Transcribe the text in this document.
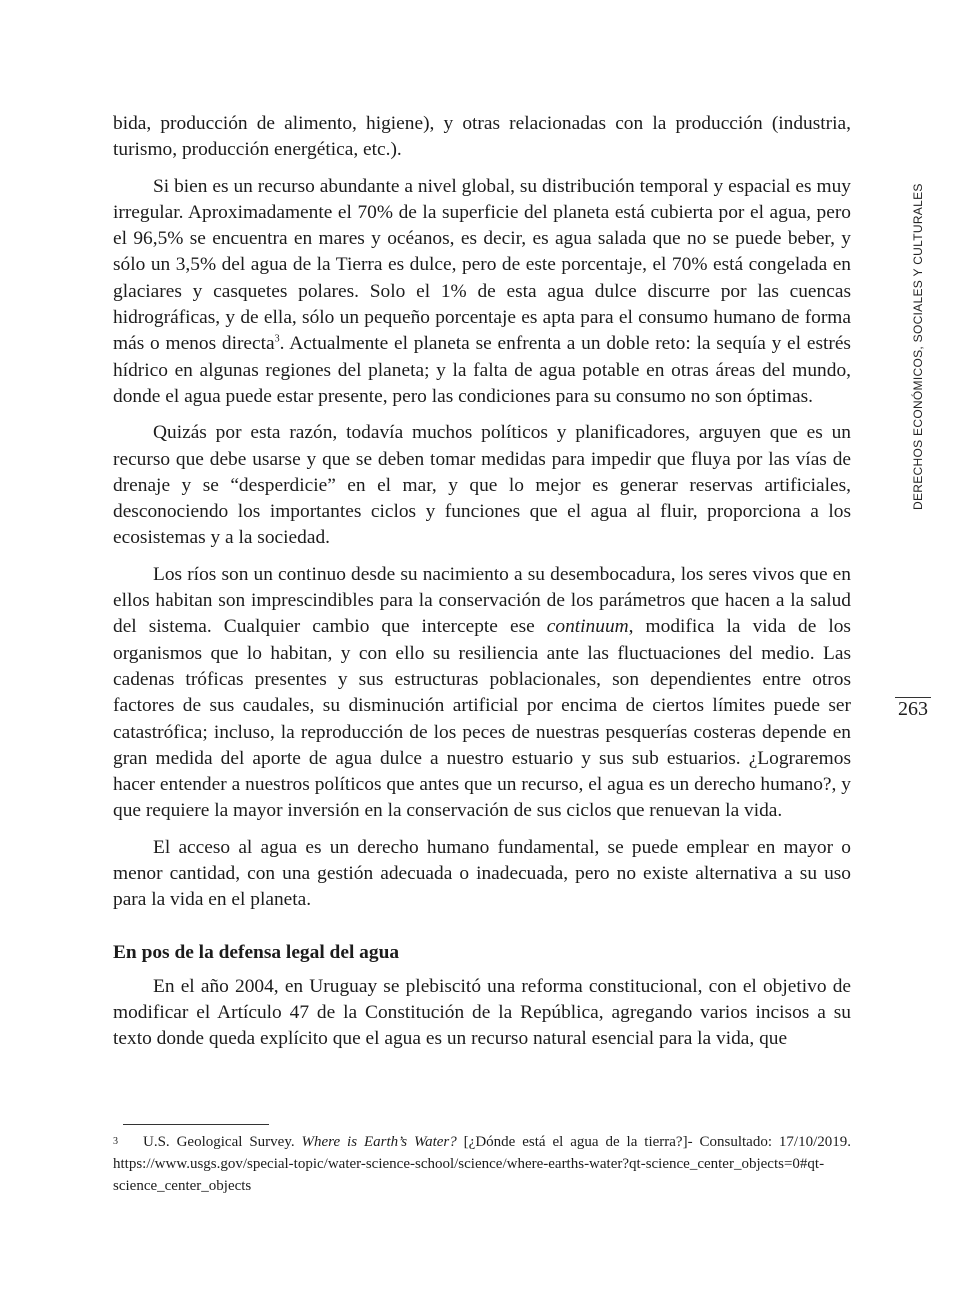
bida, producción de alimento, higiene), y otras relacionadas con la producción (industria, turismo, producción energética, etc.).

Si bien es un recurso abundante a nivel global, su distribución temporal y espacial es muy irregular. Aproximadamente el 70% de la superficie del planeta está cubierta por el agua, pero el 96,5% se encuentra en mares y océanos, es decir, es agua salada que no se puede beber, y sólo un 3,5% del agua de la Tierra es dulce, pero de este porcentaje, el 70% está congelada en glaciares y casquetes polares. Solo el 1% de esta agua dulce discurre por las cuencas hidrográficas, y de ella, sólo un pequeño porcentaje es apta para el consumo humano de forma más o menos directa$^3$. Actualmente el planeta se enfrenta a un doble reto: la sequía y el estrés hídrico en algunas regiones del planeta; y la falta de agua potable en otras áreas del mundo, donde el agua puede estar presente, pero las condiciones para su consumo no son óptimas.

Quizás por esta razón, todavía muchos políticos y planificadores, arguyen que es un recurso que debe usarse y que se deben tomar medidas para impedir que fluya por las vías de drenaje y se “desperdicie” en el mar, y que lo mejor es generar reservas artificiales, desconociendo los importantes ciclos y funciones que el agua al fluir, proporciona a los ecosistemas y a la sociedad.

Los ríos son un continuo desde su nacimiento a su desembocadura, los seres vivos que en ellos habitan son imprescindibles para la conservación de los parámetros que hacen a la salud del sistema. Cualquier cambio que intercepte ese continuum, modifica la vida de los organismos que lo habitan, y con ello su resiliencia ante las fluctuaciones del medio. Las cadenas tróficas presentes y sus estructuras poblacionales, son dependientes entre otros factores de sus caudales, su disminución artificial por encima de ciertos límites puede ser catastrófica; incluso, la reproducción de los peces de nuestras pesquerías costeras depende en gran medida del aporte de agua dulce a nuestro estuario y sus sub estuarios. ¿Lograremos hacer entender a nuestros políticos que antes que un recurso, el agua es un derecho humano?, y que requiere la mayor inversión en la conservación de sus ciclos que renuevan la vida.

El acceso al agua es un derecho humano fundamental, se puede emplear en mayor o menor cantidad, con una gestión adecuada o inadecuada, pero no existe alternativa a su uso para la vida en el planeta.

En pos de la defensa legal del agua

En el año 2004, en Uruguay se plebiscitó una reforma constitucional, con el objetivo de modificar el Artículo 47 de la Constitución de la República, agregando varios incisos a su texto donde queda explícito que el agua es un recurso natural esencial para la vida, que

3 U.S. Geological Survey. Where is Earth’s Water? [¿Dónde está el agua de la tierra?]- Consultado: 17/10/2019. https://www.usgs.gov/special-topic/water-science-school/science/where-earths-water?qt-science_center_objects=0#qt-science_center_objects
DERECHOS ECONÓMICOS, SOCIALES Y CULTURALES
263
